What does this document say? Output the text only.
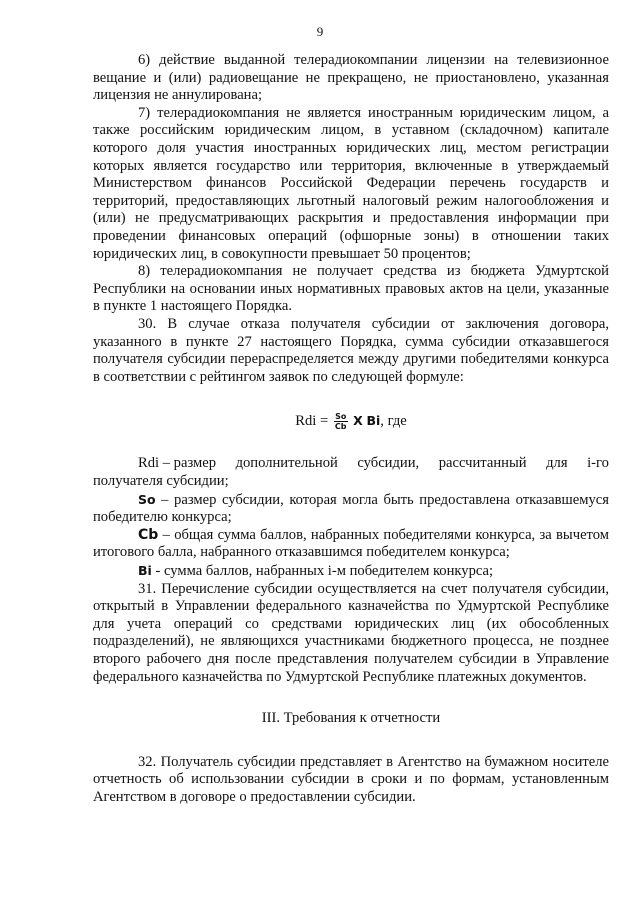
9

6) действие выданной телерадиокомпании лицензии на телевизионное вещание и (или) радиовещание не прекращено, не приостановлено, указанная лицензия не аннулирована;

7) телерадиокомпания не является иностранным юридическим лицом, а также российским юридическим лицом, в уставном (складочном) капитале которого доля участия иностранных юридических лиц, местом регистрации которых является государство или территория, включенные в утверждаемый Министерством финансов Российской Федерации перечень государств и территорий, предоставляющих льготный налоговый режим налогообложения и (или) не предусматривающих раскрытия и предоставления информации при проведении финансовых операций (офшорные зоны) в отношении таких юридических лиц, в совокупности превышает 50 процентов;

8) телерадиокомпания не получает средства из бюджета Удмуртской Республики на основании иных нормативных правовых актов на цели, указанные в пункте 1 настоящего Порядка.

30. В случае отказа получателя субсидии от заключения договора, указанного в пункте 27 настоящего Порядка, сумма субсидии отказавшегося получателя субсидии перераспределяется между другими победителями конкурса в соответствии с рейтингом заявок по следующей формуле:

Rdi = $\frac{So}{Cb}$ X Bi, где
Rdi – размер дополнительной субсидии, рассчитанный для i-го
получателя субсидии;

So – размер субсидии, которая могла быть предоставлена отказавшемуся победителю конкурса;

Cb – общая сумма баллов, набранных победителями конкурса, за вычетом итогового балла, набранного отказавшимся победителем конкурса;

Bi - сумма баллов, набранных i-м победителем конкурса;

31. Перечисление субсидии осуществляется на счет получателя субсидии, открытый в Управлении федерального казначейства по Удмуртской Республике для учета операций со средствами юридических лиц (их обособленных подразделений), не являющихся участниками бюджетного процесса, не позднее второго рабочего дня после представления получателем субсидии в Управление федерального казначейства по Удмуртской Республике платежных документов.

III. Требования к отчетности

32. Получатель субсидии представляет в Агентство на бумажном носителе отчетность об использовании субсидии в сроки и по формам, установленным Агентством в договоре о предоставлении субсидии.
